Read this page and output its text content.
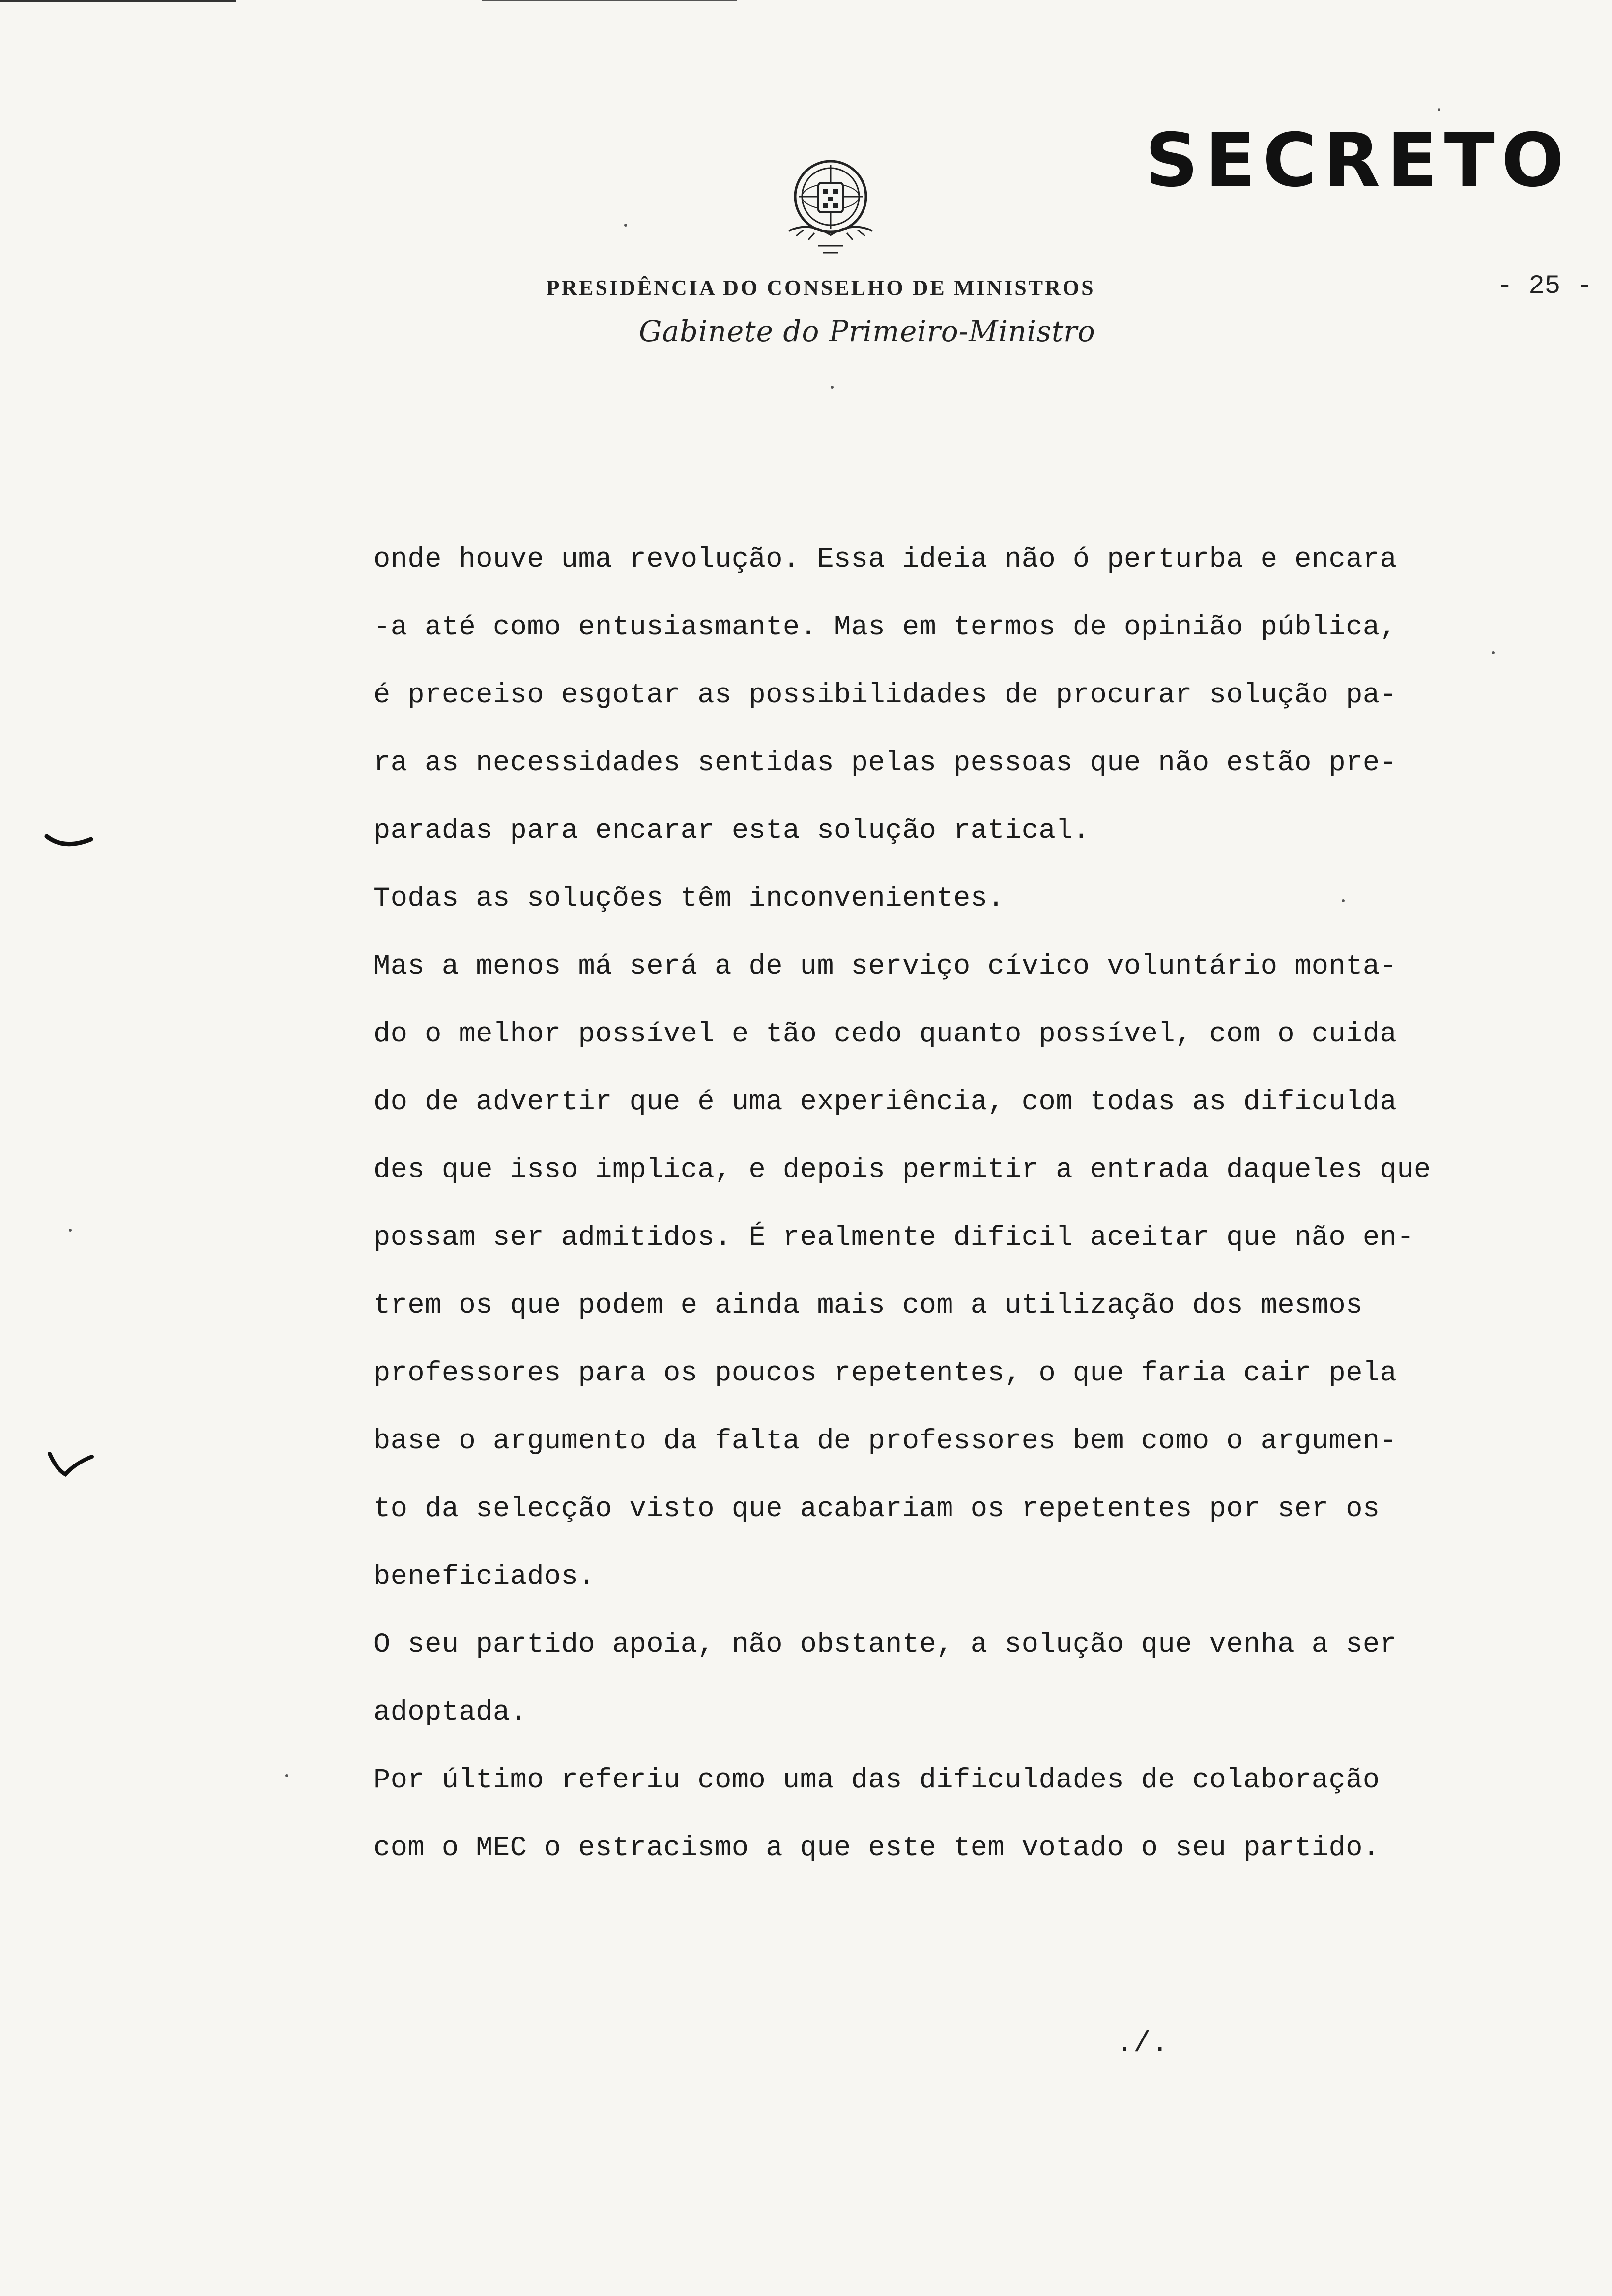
SECRETO
PRESIDÊNCIA DO CONSELHO DE MINISTROS	- 25 -
Gabinete do Primeiro-Ministro
onde houve uma revolução. Essa ideia não ó perturba e encara
-a até como entusiasmante. Mas em termos de opinião pública,
é preceiso esgotar as possibilidades de procurar solução pa-
ra as necessidades sentidas pelas pessoas que não estão pre-
paradas para encarar esta solução ratical.
Todas as soluções têm inconvenientes.
Mas a menos má será a de um serviço cívico voluntário monta-
do o melhor possível e tão cedo quanto possível, com o cuida
do de advertir que é uma experiência, com todas as dificulda
des que isso implica, e depois permitir a entrada daqueles que
possam ser admitidos. É realmente dificil aceitar que não en-
trem os que podem e ainda mais com a utilização dos mesmos
professores para os poucos repetentes, o que faria cair pela
base o argumento da falta de professores bem como o argumen-
to da selecção visto que acabariam os repetentes por ser os
beneficiados.
O seu partido apoia, não obstante, a solução que venha a ser
adoptada.
Por último referiu como uma das dificuldades de colaboração
com o MEC o estracismo a que este tem votado o seu partido.
./.
